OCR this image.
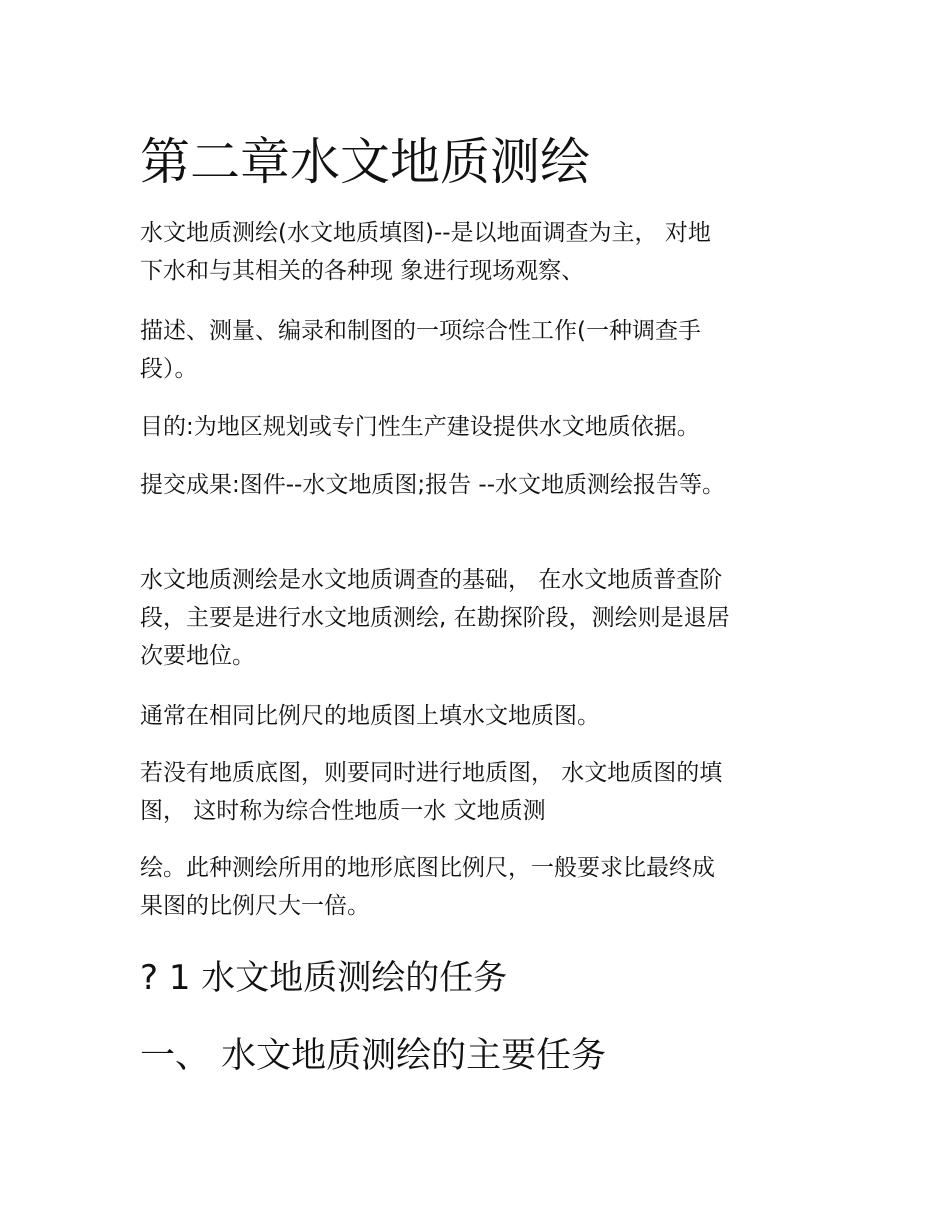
第二章水文地质测绘

水文地质测绘(水文地质填图)--是以地面调查为主， 对地
下水和与其相关的各种现 象进行现场观察、

描述、测量、编录和制图的一项综合性工作(一种调查手
段）。

目的:为地区规划或专门性生产建设提供水文地质依据。

提交成果:图件--水文地质图;报告 --水文地质测绘报告等。

水文地质测绘是水文地质调查的基础， 在水文地质普查阶
段，主要是进行水文地质测绘, 在勘探阶段，测绘则是退居
次要地位。

通常在相同比例尺的地质图上填水文地质图。

若没有地质底图，则要同时进行地质图， 水文地质图的填
图， 这时称为综合性地质一水 文地质测

绘。此种测绘所用的地形底图比例尺，一般要求比最终成
果图的比例尺大一倍。

? 1 水文地质测绘的任务
一、 水文地质测绘的主要任务
